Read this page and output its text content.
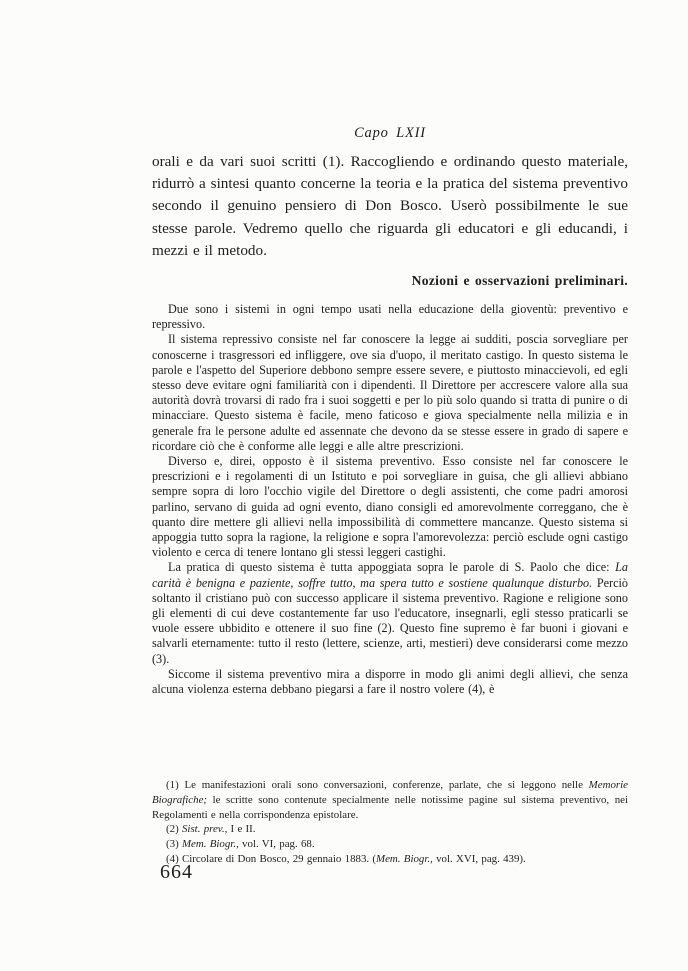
Capo LXII

orali e da vari suoi scritti (1). Raccogliendo e ordinando questo materiale, ridurrò a sintesi quanto concerne la teoria e la pratica del sistema preventivo secondo il genuino pensiero di Don Bosco. Userò possibilmente le sue stesse parole. Vedremo quello che riguarda gli educatori e gli educandi, i mezzi e il metodo.

Nozioni e osservazioni preliminari.

Due sono i sistemi in ogni tempo usati nella educazione della gioventù: preventivo e repressivo.

Il sistema repressivo consiste nel far conoscere la legge ai sudditi, poscia sorvegliare per conoscerne i trasgressori ed infliggere, ove sia d'uopo, il meritato castigo. In questo sistema le parole e l'aspetto del Superiore debbono sempre essere severe, e piuttosto minaccievoli, ed egli stesso deve evitare ogni familiarità con i dipendenti. Il Direttore per accrescere valore alla sua autorità dovrà trovarsi di rado fra i suoi soggetti e per lo più solo quando si tratta di punire o di minacciare. Questo sistema è facile, meno faticoso e giova specialmente nella milizia e in generale fra le persone adulte ed assennate che devono da se stesse essere in grado di sapere e ricordare ciò che è conforme alle leggi e alle altre prescrizioni.

Diverso e, direi, opposto è il sistema preventivo. Esso consiste nel far conoscere le prescrizioni e i regolamenti di un Istituto e poi sorvegliare in guisa, che gli allievi abbiano sempre sopra di loro l'occhio vigile del Direttore o degli assistenti, che come padri amorosi parlino, servano di guida ad ogni evento, diano consigli ed amorevolmente correggano, che è quanto dire mettere gli allievi nella impossibilità di commettere mancanze. Questo sistema si appoggia tutto sopra la ragione, la religione e sopra l'amorevolezza: perciò esclude ogni castigo violento e cerca di tenere lontano gli stessi leggeri castighi.

La pratica di questo sistema è tutta appoggiata sopra le parole di S. Paolo che dice: La carità è benigna e paziente, soffre tutto, ma spera tutto e sostiene qualunque disturbo. Perciò soltanto il cristiano può con successo applicare il sistema preventivo. Ragione e religione sono gli elementi di cui deve costantemente far uso l'educatore, insegnarli, egli stesso praticarli se vuole essere ubbidito e ottenere il suo fine (2). Questo fine supremo è far buoni i giovani e salvarli eternamente: tutto il resto (lettere, scienze, arti, mestieri) deve considerarsi come mezzo (3).

Siccome il sistema preventivo mira a disporre in modo gli animi degli allievi, che senza alcuna violenza esterna debbano piegarsi a fare il nostro volere (4), è

(1) Le manifestazioni orali sono conversazioni, conferenze, parlate, che si leggono nelle Memorie Biografiche; le scritte sono contenute specialmente nelle notissime pagine sul sistema preventivo, nei Regolamenti e nella corrispondenza epistolare.

(2) Sist. prev., I e II.

(3) Mem. Biogr., vol. VI, pag. 68.

(4) Circolare di Don Bosco, 29 gennaio 1883. (Mem. Biogr., vol. XVI, pag. 439).

664
